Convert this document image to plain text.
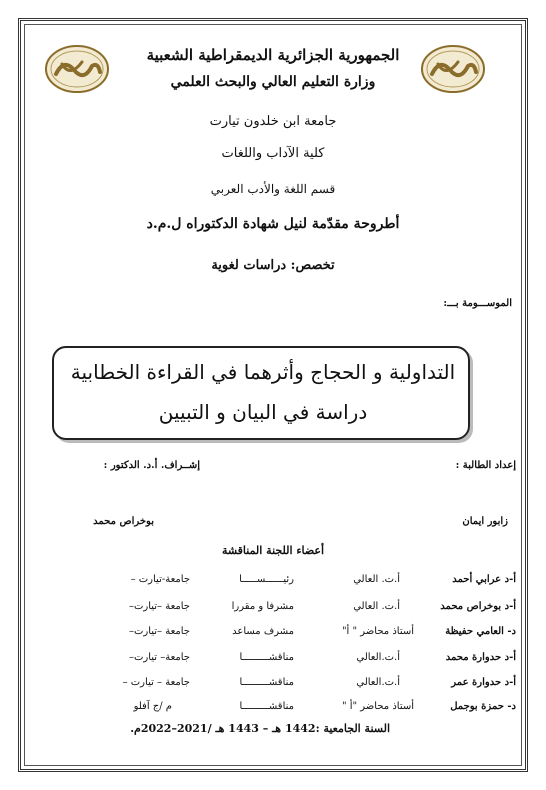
الجمهورية الجزائرية الديمقراطية الشعبية
وزارة التعليم العالي والبحث العلمي
جامعة ابن خلدون تيارت
كلية الآداب واللغات
قسم اللغة والأدب العربي
أطروحة مقدّمة لنيل شهادة الدكتوراه ل.م.د
تخصص: دراسات لغوية
الموســـومة بـــ:
التداولية و الحجاج وأثرهما في القراءة الخطابية
دراسة في البيان و التبيين
إعداد الطالبة :
إشــراف. أ.د. الدكتور :
زابور ايمان
بوخراص محمد
أعضاء اللجنة المناقشة
أ-د عرابي أحمد
أ.ت. العالي
رئيــــــســـــا
جامعة-تيارت –
أ-د بوخراص محمد
أ.ت. العالي
مشرفا و مقررا
جامعة –تيارت–
د- العامي حفيظة
أستاذ محاضر " أ"
مشرف مساعد
جامعة –تيارت–
أ-د حدوارة محمد
أ.ت.العالي
مناقشـــــــــا
جامعة– تيارت–
أ-د حدوارة عمر
أ.ت.العالي
مناقشـــــــــا
جامعة – تيارت –
د- حمزة بوجمل
أستاذ محاضر "أ "
مناقشـــــــــا
م /ج آفلو
السنة الجامعية :1442 هـ – 1443 هـ /2021–2022م.
